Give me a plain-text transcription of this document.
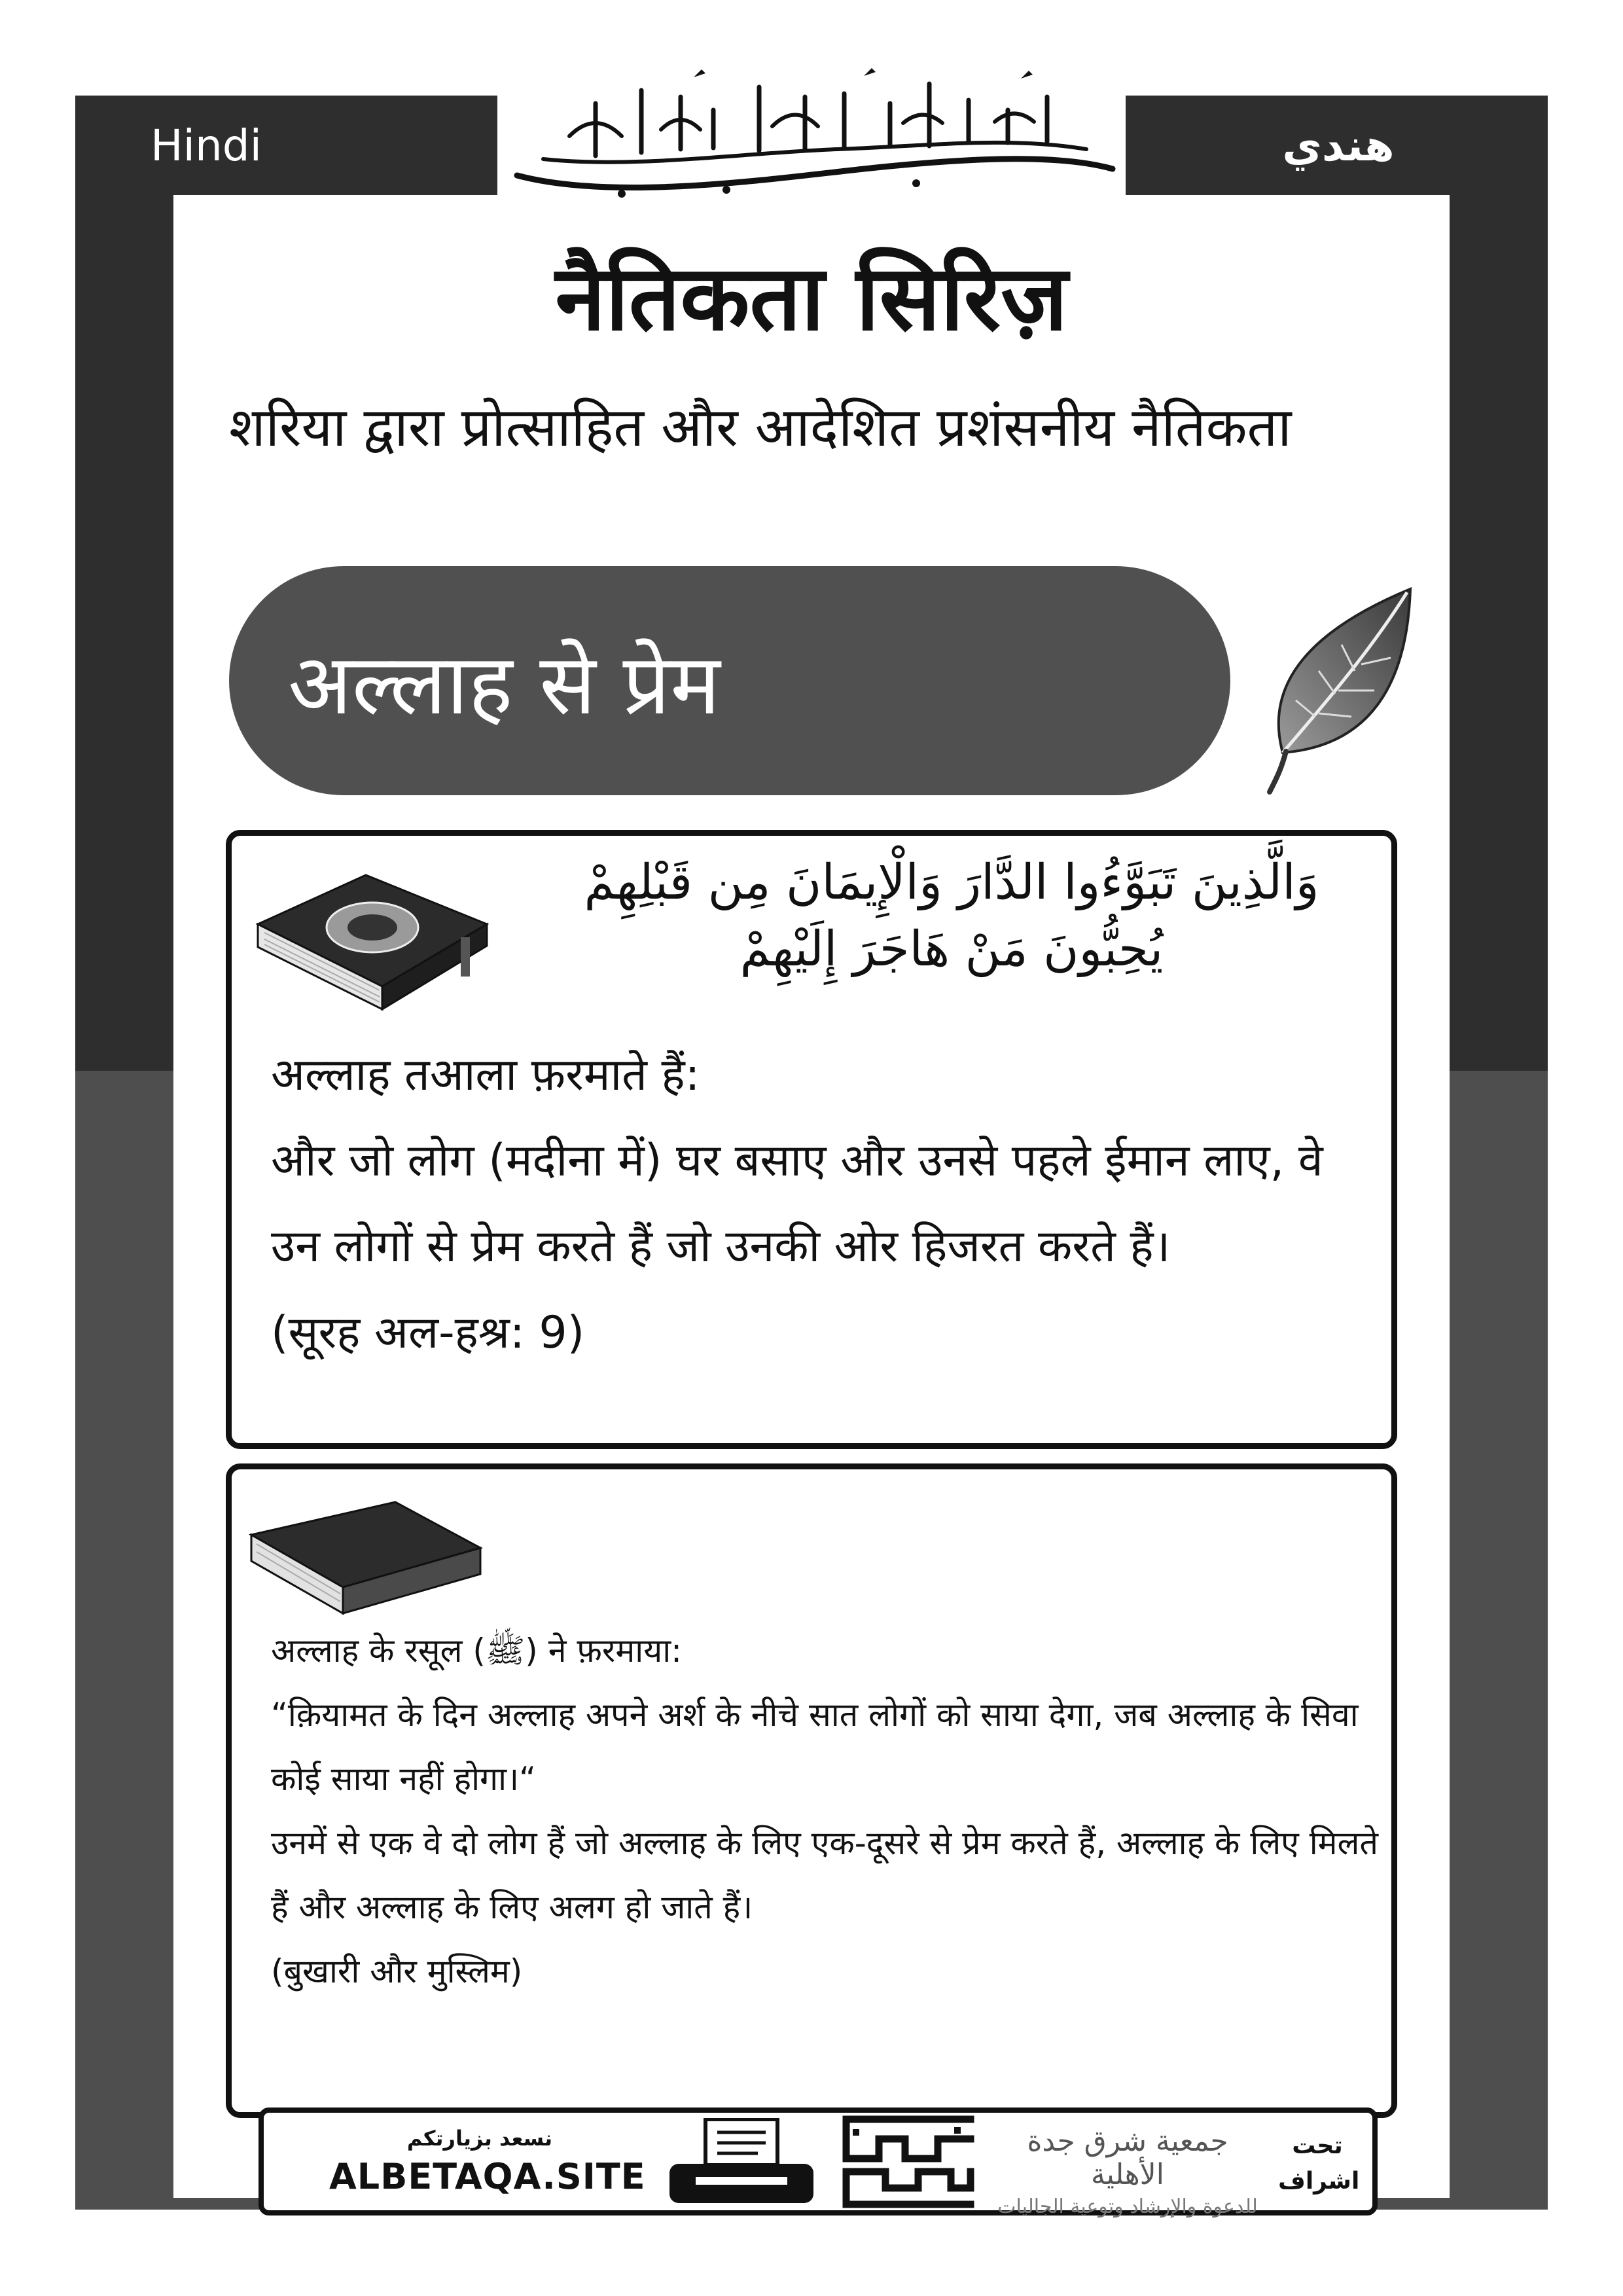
Hindi	هندي
नैतिकता सिरिज़
शरिया द्वारा प्रोत्साहित और आदेशित प्रशंसनीय नैतिकता
अल्लाह से प्रेम
وَالَّذِينَ تَبَوَّءُوا الدَّارَ وَالْإِيمَانَ مِن قَبْلِهِمْ
يُحِبُّونَ مَنْ هَاجَرَ إِلَيْهِمْ

अल्लाह तआला फ़रमाते हैं:

और जो लोग (मदीना में) घर बसाए और उनसे पहले ईमान लाए, वे उन लोगों से प्रेम करते हैं जो उनकी ओर हिजरत करते हैं।

(सूरह अल-हश्र: 9)

अल्लाह के रसूल (ﷺ) ने फ़रमाया:

“क़ियामत के दिन अल्लाह अपने अर्श के नीचे सात लोगों को साया देगा, जब अल्लाह के सिवा कोई साया नहीं होगा।“

उनमें से एक वे दो लोग हैं जो अल्लाह के लिए एक-दूसरे से प्रेम करते हैं, अल्लाह के लिए मिलते हैं और अल्लाह के लिए अलग हो जाते हैं।

(बुखारी और मुस्लिम)

نسعد بزيارتكم
ALBETAQA.SITE
جمعية شرق جدة الأهلية
للدعوة والإرشاد وتوعية الجاليات
تحت اشراف
